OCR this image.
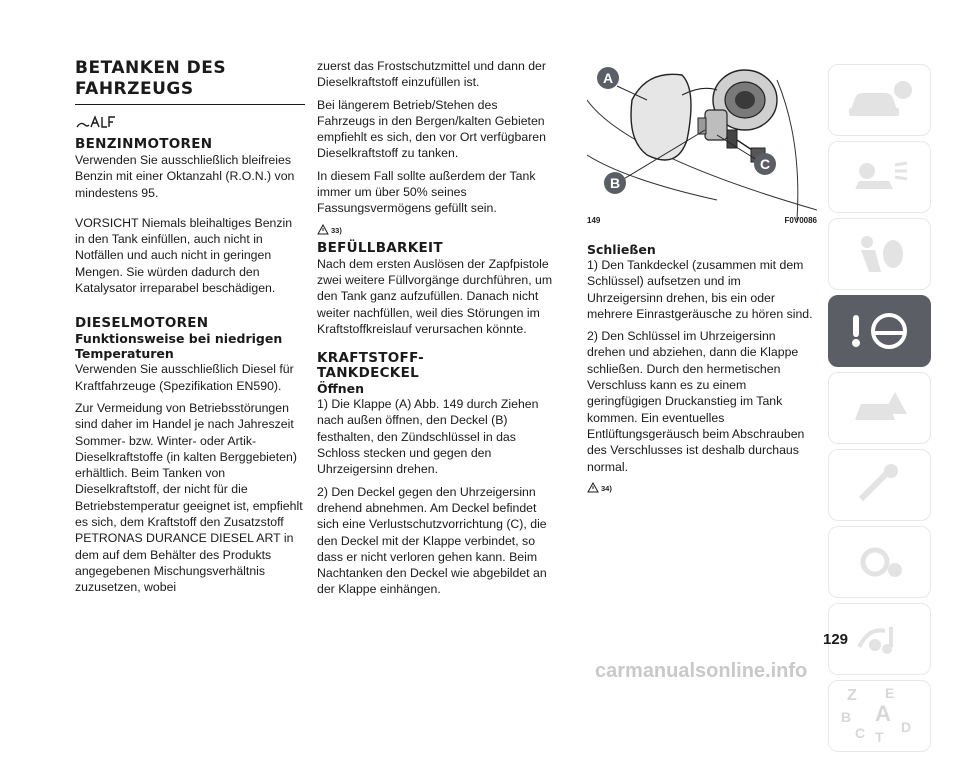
BETANKEN DES
FAHRZEUGS
BENZINMOTOREN

Verwenden Sie ausschließlich bleifreies Benzin mit einer Oktanzahl (R.O.N.) von mindestens 95.

VORSICHT Niemals bleihaltiges Benzin in den Tank einfüllen, auch nicht in Notfällen und auch nicht in geringen Mengen. Sie würden dadurch den Katalysator irreparabel beschädigen.

DIESELMOTOREN
Funktionsweise bei niedrigen Temperaturen

Verwenden Sie ausschließlich Diesel für Kraftfahrzeuge (Spezifikation EN590).

Zur Vermeidung von Betriebsstörungen sind daher im Handel je nach Jahreszeit Sommer- bzw. Winter- oder Artik-Dieselkraftstoffe (in kalten Berggebieten) erhältlich. Beim Tanken von Dieselkraftstoff, der nicht für die Betriebstemperatur geeignet ist, empfiehlt es sich, dem Kraftstoff den Zusatzstoff PETRONAS DURANCE DIESEL ART in dem auf dem Behälter des Produkts angegebenen Mischungsverhältnis zuzusetzen, wobei

zuerst das Frostschutzmittel und dann der Dieselkraftstoff einzufüllen ist.

Bei längerem Betrieb/Stehen des Fahrzeugs in den Bergen/kalten Gebieten empfiehlt es sich, den vor Ort verfügbaren Dieselkraftstoff zu tanken.

In diesem Fall sollte außerdem der Tank immer um über 50% seines Fassungsvermögens gefüllt sein.

33)
BEFÜLLBARKEIT

Nach dem ersten Auslösen der Zapfpistole zwei weitere Füllvorgänge durchführen, um den Tank ganz aufzufüllen. Danach nicht weiter nachfüllen, weil dies Störungen im Kraftstoffkreislauf verursachen könnte.

KRAFTSTOFF-
TANKDECKEL
Öffnen

1) Die Klappe (A) Abb. 149 durch Ziehen nach außen öffnen, den Deckel (B) festhalten, den Zündschlüssel in das Schloss stecken und gegen den Uhrzeigersinn drehen.

2) Den Deckel gegen den Uhrzeigersinn drehend abnehmen. Am Deckel befindet sich eine Verlustschutzvorrichtung (C), die den Deckel mit der Klappe verbindet, so dass er nicht verloren gehen kann. Beim Nachtanken den Deckel wie abgebildet an der Klappe einhängen.

A
B
C
149	F0V0086
Schließen

1) Den Tankdeckel (zusammen mit dem Schlüssel) aufsetzen und im Uhrzeigersinn drehen, bis ein oder mehrere Einrastgeräusche zu hören sind.

2) Den Schlüssel im Uhrzeigersinn drehen und abziehen, dann die Klappe schließen. Durch den hermetischen Verschluss kann es zu einem geringfügigen Druckanstieg im Tank kommen. Ein eventuelles Entlüftungsgeräusch beim Abschrauben des Verschlusses ist deshalb durchaus normal.

34)
Z E
B A
C T
D
129
carmanualsonline.info
